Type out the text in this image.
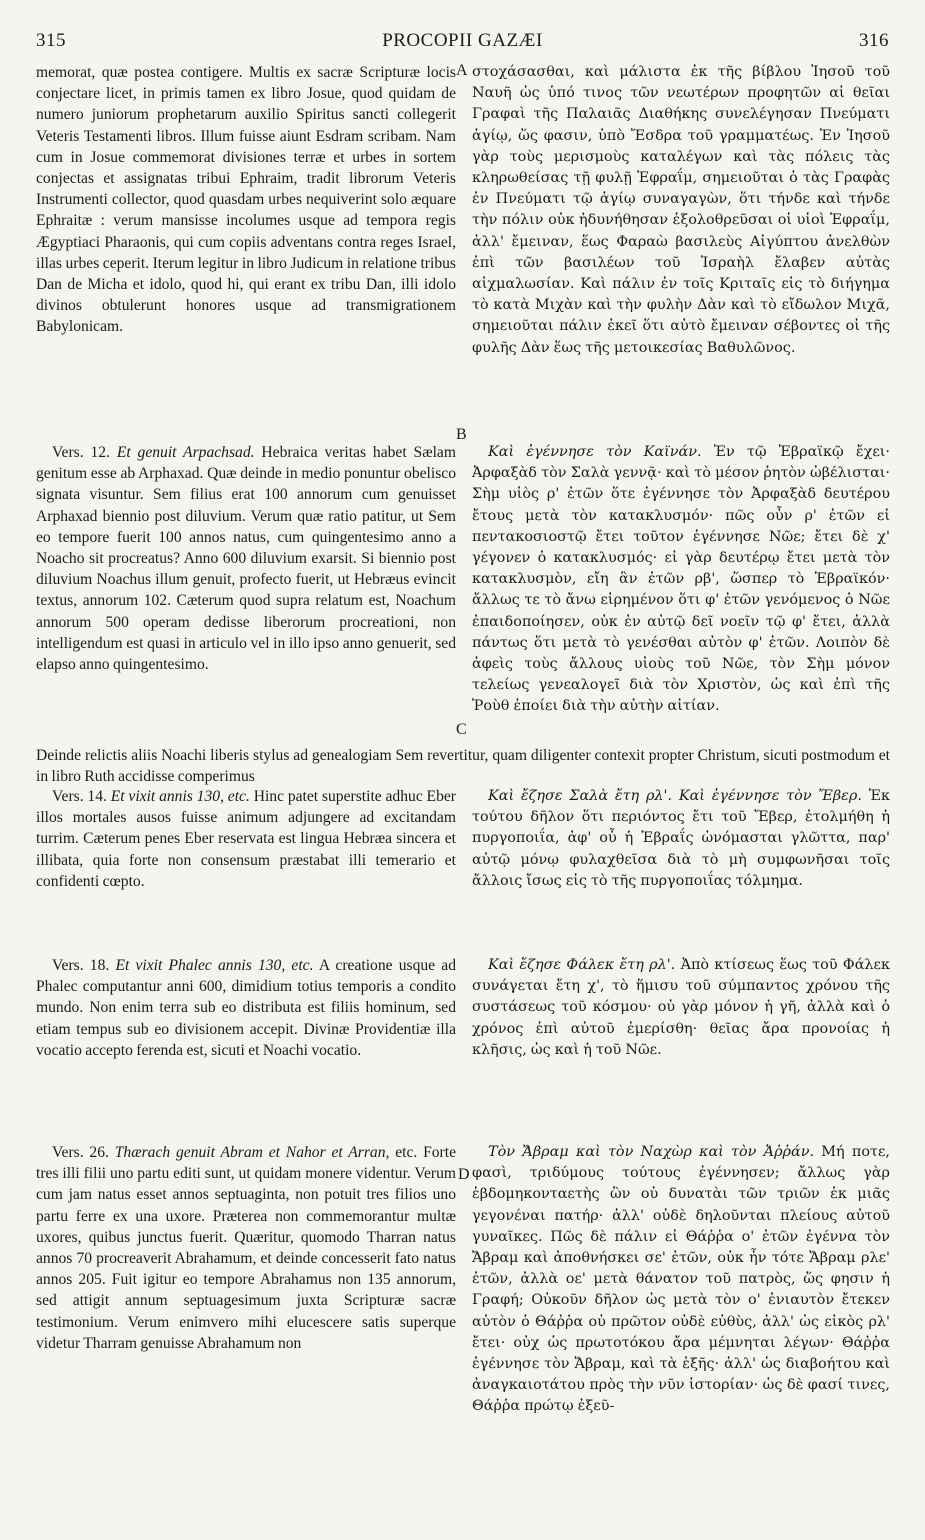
315	PROCOPII GAZÆI	316
A
B
C
D

memorat, quæ postea contigere. Multis ex sacræ Scripturæ locis conjectare licet, in primis tamen ex libro Josue, quod quidam de numero juniorum prophetarum auxilio Spiritus sancti collegerit Veteris Testamenti libros. Illum fuisse aiunt Esdram scribam. Nam cum in Josue commemorat divisiones terræ et urbes in sortem conjectas et assignatas tribui Ephraim, tradit librorum Veteris Instrumenti collector, quod quasdam urbes nequiverint solo æquare Ephraitæ : verum mansisse incolumes usque ad tempora regis Ægyptiaci Pharaonis, qui cum copiis adventans contra reges Israel, illas urbes ceperit. Iterum legitur in libro Judicum in relatione tribus Dan de Micha et idolo, quod hi, qui erant ex tribu Dan, illi idolo divinos obtulerunt honores usque ad transmigrationem Babylonicam.

στοχάσασθαι, καὶ μάλιστα ἐκ τῆς βίβλου Ἰησοῦ τοῦ Ναυῆ ὡς ὑπό τινος τῶν νεωτέρων προφητῶν αἱ θεῖαι Γραφαὶ τῆς Παλαιᾶς Διαθήκης συνελέγησαν Πνεύματι ἁγίῳ, ὥς φασιν, ὑπὸ Ἔσδρα τοῦ γραμματέως. Ἐν Ἰησοῦ γὰρ τοὺς μερισμοὺς καταλέγων καὶ τὰς πόλεις τὰς κληρωθείσας τῇ φυλῇ Ἐφραΐμ, σημειοῦται ὁ τὰς Γραφὰς ἐν Πνεύματι τῷ ἁγίῳ συναγαγὼν, ὅτι τήνδε καὶ τήνδε τὴν πόλιν οὐκ ἠδυνήθησαν ἐξολοθρεῦσαι οἱ υἱοὶ Ἐφραΐμ, ἀλλ' ἔμειναν, ἕως Φαραὼ βασιλεὺς Αἰγύπτου ἀνελθὼν ἐπὶ τῶν βασιλέων τοῦ Ἰσραὴλ ἔλαβεν αὐτὰς αἰχμαλωσίαν. Καὶ πάλιν ἐν τοῖς Κριταῖς εἰς τὸ διήγημα τὸ κατὰ Μιχὰν καὶ τὴν φυλὴν Δὰν καὶ τὸ εἴδωλον Μιχᾶ, σημειοῦται πάλιν ἐκεῖ ὅτι αὐτὸ ἔμειναν σέβοντες οἱ τῆς φυλῆς Δὰν ἕως τῆς μετοικεσίας Βαθυλῶνος.

Vers. 12. Et genuit Arpachsad. Hebraica veritas habet Sælam genitum esse ab Arphaxad. Quæ deinde in medio ponuntur obelisco signata visuntur. Sem filius erat 100 annorum cum genuisset Arphaxad biennio post diluvium. Verum quæ ratio patitur, ut Sem eo tempore fuerit 100 annos natus, cum quingentesimo anno a Noacho sit procreatus? Anno 600 diluvium exarsit. Si biennio post diluvium Noachus illum genuit, profecto fuerit, ut Hebræus evincit textus, annorum 102. Cæterum quod supra relatum est, Noachum annorum 500 operam dedisse liberorum procreationi, non intelligendum est quasi in articulo vel in illo ipso anno genuerit, sed elapso anno quingentesimo.

Καὶ ἐγέννησε τὸν Καϊνάν. Ἐν τῷ Ἑβραϊκῷ ἔχει· Ἀρφαξὰδ τὸν Σαλὰ γεννᾷ· καὶ τὸ μέσον ῥητὸν ὠβέλισται· Σὴμ υἱὸς ρ' ἐτῶν ὅτε ἐγέννησε τὸν Ἀρφαξὰδ δευτέρου ἔτους μετὰ τὸν κατακλυσμόν· πῶς οὖν ρ' ἐτῶν εἰ πεντακοσιοστῷ ἔτει τοῦτον ἐγέννησε Νῶε; ἔτει δὲ χ' γέγονεν ὁ κατακλυσμός· εἰ γὰρ δευτέρῳ ἔτει μετὰ τὸν κατακλυσμὸν, εἴη ἂν ἐτῶν ρβ', ὥσπερ τὸ Ἑβραϊκόν· ἄλλως τε τὸ ἄνω εἰρημένον ὅτι φ' ἐτῶν γενόμενος ὁ Νῶε ἐπαιδοποίησεν, οὐκ ἐν αὐτῷ δεῖ νοεῖν τῷ φ' ἔτει, ἀλλὰ πάντως ὅτι μετὰ τὸ γενέσθαι αὐτὸν φ' ἐτῶν. Λοιπὸν δὲ ἀφεὶς τοὺς ἄλλους υἱοὺς τοῦ Νῶε, τὸν Σὴμ μόνον τελείως γενεαλογεῖ διὰ τὸν Χριστὸν, ὡς καὶ ἐπὶ τῆς Ῥοὺθ ἐποίει διὰ τὴν αὐτὴν αἰτίαν.

Deinde relictis aliis Noachi liberis stylus ad genealogiam Sem revertitur, quam diligenter contexit propter Christum, sicuti postmodum et in libro Ruth accidisse comperimus

Vers. 14. Et vixit annis 130, etc. Hinc patet superstite adhuc Eber illos mortales ausos fuisse animum adjungere ad excitandam turrim. Cæterum penes Eber reservata est lingua Hebræa sincera et illibata, quia forte non consensum præstabat illi temerario et confidenti cœpto.

Καὶ ἔζησε Σαλὰ ἔτη ρλ'. Καὶ ἐγέννησε τὸν Ἔβερ. Ἐκ τούτου δῆλον ὅτι περιόντος ἔτι τοῦ Ἔβερ, ἐτολμήθη ἡ πυργοποιΐα, ἀφ' οὗ ἡ Ἑβραΐς ὠνόμασται γλῶττα, παρ' αὐτῷ μόνῳ φυλαχθεῖσα διὰ τὸ μὴ συμφωνῆσαι τοῖς ἄλλοις ἴσως εἰς τὸ τῆς πυργοποιΐας τόλμημα.

Vers. 18. Et vixit Phalec annis 130, etc. A creatione usque ad Phalec computantur anni 600, dimidium totius temporis a condito mundo. Non enim terra sub eo distributa est filiis hominum, sed etiam tempus sub eo divisionem accepit. Divinæ Providentiæ illa vocatio accepto ferenda est, sicuti et Noachi vocatio.

Καὶ ἔζησε Φάλεκ ἔτη ρλ'. Ἀπὸ κτίσεως ἕως τοῦ Φάλεκ συνάγεται ἔτη χ', τὸ ἥμισυ τοῦ σύμπαντος χρόνου τῆς συστάσεως τοῦ κόσμου· οὐ γὰρ μόνον ἡ γῆ, ἀλλὰ καὶ ὁ χρόνος ἐπὶ αὐτοῦ ἐμερίσθη· θεῖας ἄρα προνοίας ἡ κλῆσις, ὡς καὶ ἡ τοῦ Νῶε.

Vers. 26. Thærach genuit Abram et Nahor et Arran, etc. Forte tres illi filii uno partu editi sunt, ut quidam monere videntur. Verum cum jam natus esset annos septuaginta, non potuit tres filios uno partu ferre ex una uxore. Præterea non commemorantur multæ uxores, quibus junctus fuerit. Quæritur, quomodo Tharran natus annos 70 procreaverit Abrahamum, et deinde concesserit fato natus annos 205. Fuit igitur eo tempore Abrahamus non 135 annorum, sed attigit annum septuagesimum juxta Scripturæ sacræ testimonium. Verum enimvero mihi elucescere satis superque videtur Tharram genuisse Abrahamum non

Τὸν Ἄβραμ καὶ τὸν Ναχὼρ καὶ τὸν Ἀῤῥάν. Μή ποτε, φασὶ, τριδύμους τούτους ἐγέννησεν; ἄλλως γὰρ ἑβδομηκονταετὴς ὢν οὐ δυνατὰι τῶν τριῶν ἐκ μιᾶς γεγονέναι πατήρ· ἀλλ' οὐδὲ δηλοῦνται πλείους αὐτοῦ γυναῖκες. Πῶς δὲ πάλιν εἰ Θάῤῥα ο' ἐτῶν ἐγέννα τὸν Ἄβραμ καὶ ἀποθνήσκει σε' ἐτῶν, οὐκ ἦν τότε Ἄβραμ ρλε' ἐτῶν, ἀλλὰ οε' μετὰ θάνατον τοῦ πατρὸς, ὥς φησιν ἡ Γραφή; Οὐκοῦν δῆλον ὡς μετὰ τὸν ο' ἐνιαυτὸν ἔτεκεν αὐτὸν ὁ Θάῤῥα οὐ πρῶτον οὐδὲ εὐθὺς, ἀλλ' ὡς εἰκὸς ρλ' ἔτει· οὐχ ὡς πρωτοτόκου ἄρα μέμνηται λέγων· Θάῤῥα ἐγέννησε τὸν Ἄβραμ, καὶ τὰ ἑξῆς· ἀλλ' ὡς διαβοήτου καὶ ἀναγκαιοτάτου πρὸς τὴν νῦν ἱστορίαν· ὡς δὲ φασί τινες, Θάῤῥα πρώτῳ ἐξεῦ-
